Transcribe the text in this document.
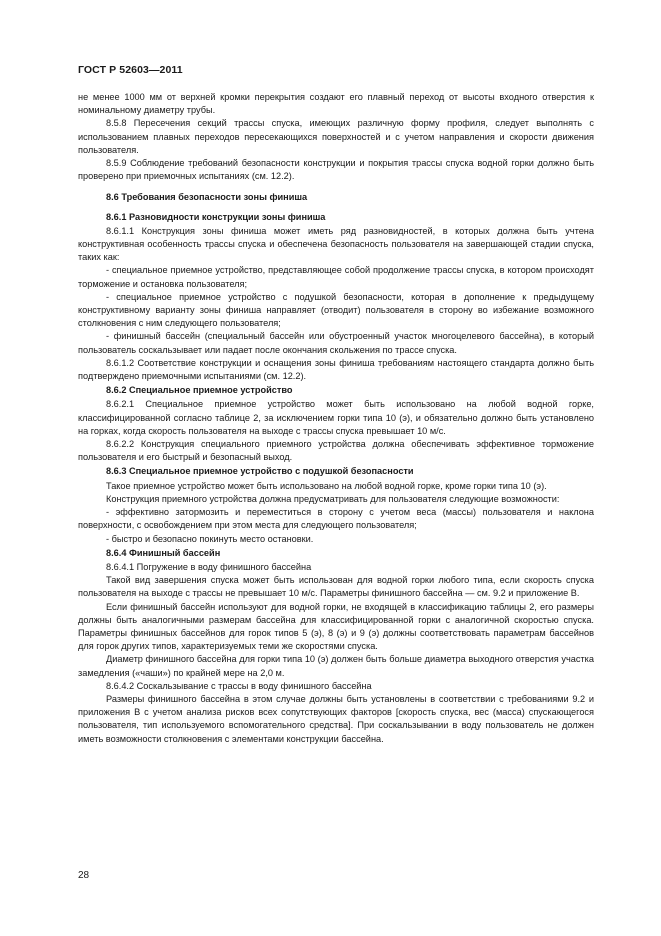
ГОСТ Р 52603—2011

не менее 1000 мм от верхней кромки перекрытия создают его плавный переход от высоты входного отверстия к номинальному диаметру трубы.

8.5.8 Пересечения секций трассы спуска, имеющих различную форму профиля, следует выполнять с использованием плавных переходов пересекающихся поверхностей и с учетом направления и скорости движения пользователя.

8.5.9 Соблюдение требований безопасности конструкции и покрытия трассы спуска водной горки должно быть проверено при приемочных испытаниях (см. 12.2).

8.6 Требования безопасности зоны финиша

8.6.1 Разновидности конструкции зоны финиша

8.6.1.1 Конструкция зоны финиша может иметь ряд разновидностей, в которых должна быть учтена конструктивная особенность трассы спуска и обеспечена безопасность пользователя на завершающей стадии спуска, таких как:

- специальное приемное устройство, представляющее собой продолжение трассы спуска, в котором происходят торможение и остановка пользователя;

- специальное приемное устройство с подушкой безопасности, которая в дополнение к предыдущему конструктивному варианту зоны финиша направляет (отводит) пользователя в сторону во избежание возможного столкновения с ним следующего пользователя;

- финишный бассейн (специальный бассейн или обустроенный участок многоцелевого бассейна), в который пользователь соскальзывает или падает после окончания скольжения по трассе спуска.

8.6.1.2 Соответствие конструкции и оснащения зоны финиша требованиям настоящего стандарта должно быть подтверждено приемочными испытаниями (см. 12.2).

8.6.2 Специальное приемное устройство

8.6.2.1 Специальное приемное устройство может быть использовано на любой водной горке, классифицированной согласно таблице 2, за исключением горки типа 10 (э), и обязательно должно быть установлено на горках, когда скорость пользователя на выходе с трассы спуска превышает 10 м/с.

8.6.2.2 Конструкция специального приемного устройства должна обеспечивать эффективное торможение пользователя и его быстрый и безопасный выход.

8.6.3 Специальное приемное устройство с подушкой безопасности

Такое приемное устройство может быть использовано на любой водной горке, кроме горки типа 10 (э).

Конструкция приемного устройства должна предусматривать для пользователя следующие возможности:

- эффективно затормозить и переместиться в сторону с учетом веса (массы) пользователя и наклона поверхности, с освобождением при этом места для следующего пользователя;

- быстро и безопасно покинуть место остановки.

8.6.4 Финишный бассейн

8.6.4.1 Погружение в воду финишного бассейна

Такой вид завершения спуска может быть использован для водной горки любого типа, если скорость спуска пользователя на выходе с трассы не превышает 10 м/с. Параметры финишного бассейна — см. 9.2 и приложение В.

Если финишный бассейн используют для водной горки, не входящей в классификацию таблицы 2, его размеры должны быть аналогичными размерам бассейна для классифицированной горки с аналогичной скоростью спуска. Параметры финишных бассейнов для горок типов 5 (э), 8 (э) и 9 (э) должны соответствовать параметрам бассейнов для горок других типов, характеризуемых теми же скоростями спуска.

Диаметр финишного бассейна для горки типа 10 (э) должен быть больше диаметра выходного отверстия участка замедления («чаши») по крайней мере на 2,0 м.

8.6.4.2 Соскальзывание с трассы в воду финишного бассейна

Размеры финишного бассейна в этом случае должны быть установлены в соответствии с требованиями 9.2 и приложения В с учетом анализа рисков всех сопутствующих факторов [скорость спуска, вес (масса) спускающегося пользователя, тип используемого вспомогательного средства]. При соскальзывании в воду пользователь не должен иметь возможности столкновения с элементами конструкции бассейна.

28
